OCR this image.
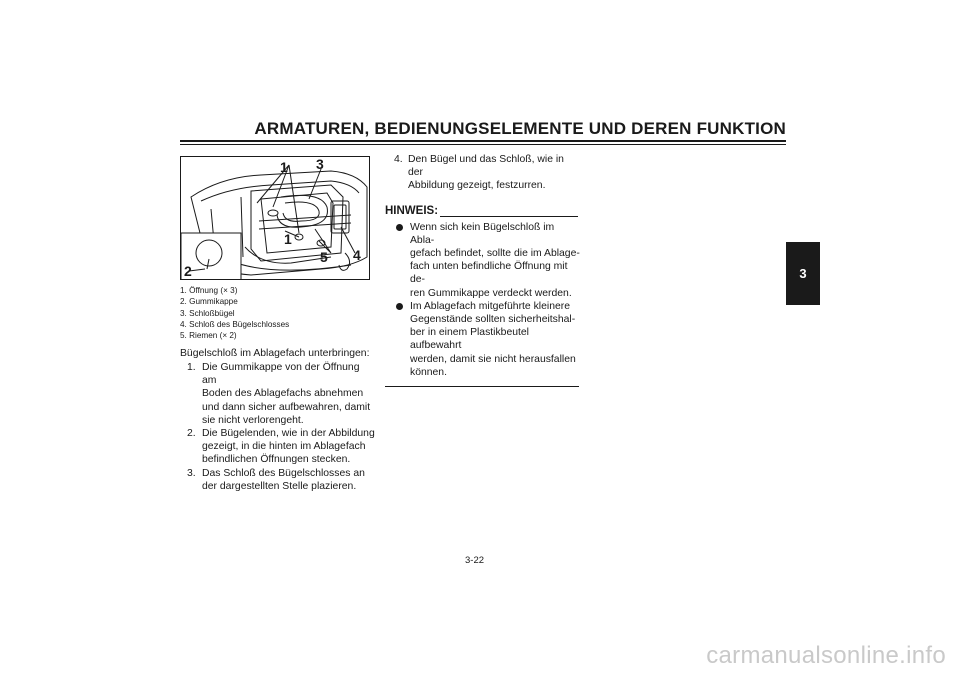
ARMATUREN, BEDIENUNGSELEMENTE UND DEREN FUNKTION
3
1 3
1
2
5 4
1. Öffnung (× 3)
2. Gummikappe
3. Schloßbügel
4. Schloß des Bügelschlosses
5. Riemen (× 2)
Bügelschloß im Ablagefach unterbringen:
1. Die Gummikappe von der Öffnung am
Boden des Ablagefachs abnehmen
und dann sicher aufbewahren, damit
sie nicht verlorengeht.
2. Die Bügelenden, wie in der Abbildung
gezeigt, in die hinten im Ablagefach
befindlichen Öffnungen stecken.
3. Das Schloß des Bügelschlosses an
der dargestellten Stelle plazieren.
4. Den Bügel und das Schloß, wie in der
Abbildung gezeigt, festzurren.
HINWEIS:
Wenn sich kein Bügelschloß im Abla-
gefach befindet, sollte die im Ablage-
fach unten befindliche Öffnung mit de-
ren Gummikappe verdeckt werden.
Im Ablagefach mitgeführte kleinere
Gegenstände sollten sicherheitshal-
ber in einem Plastikbeutel aufbewahrt
werden, damit sie nicht herausfallen
können.
3-22
carmanualsonline.info
